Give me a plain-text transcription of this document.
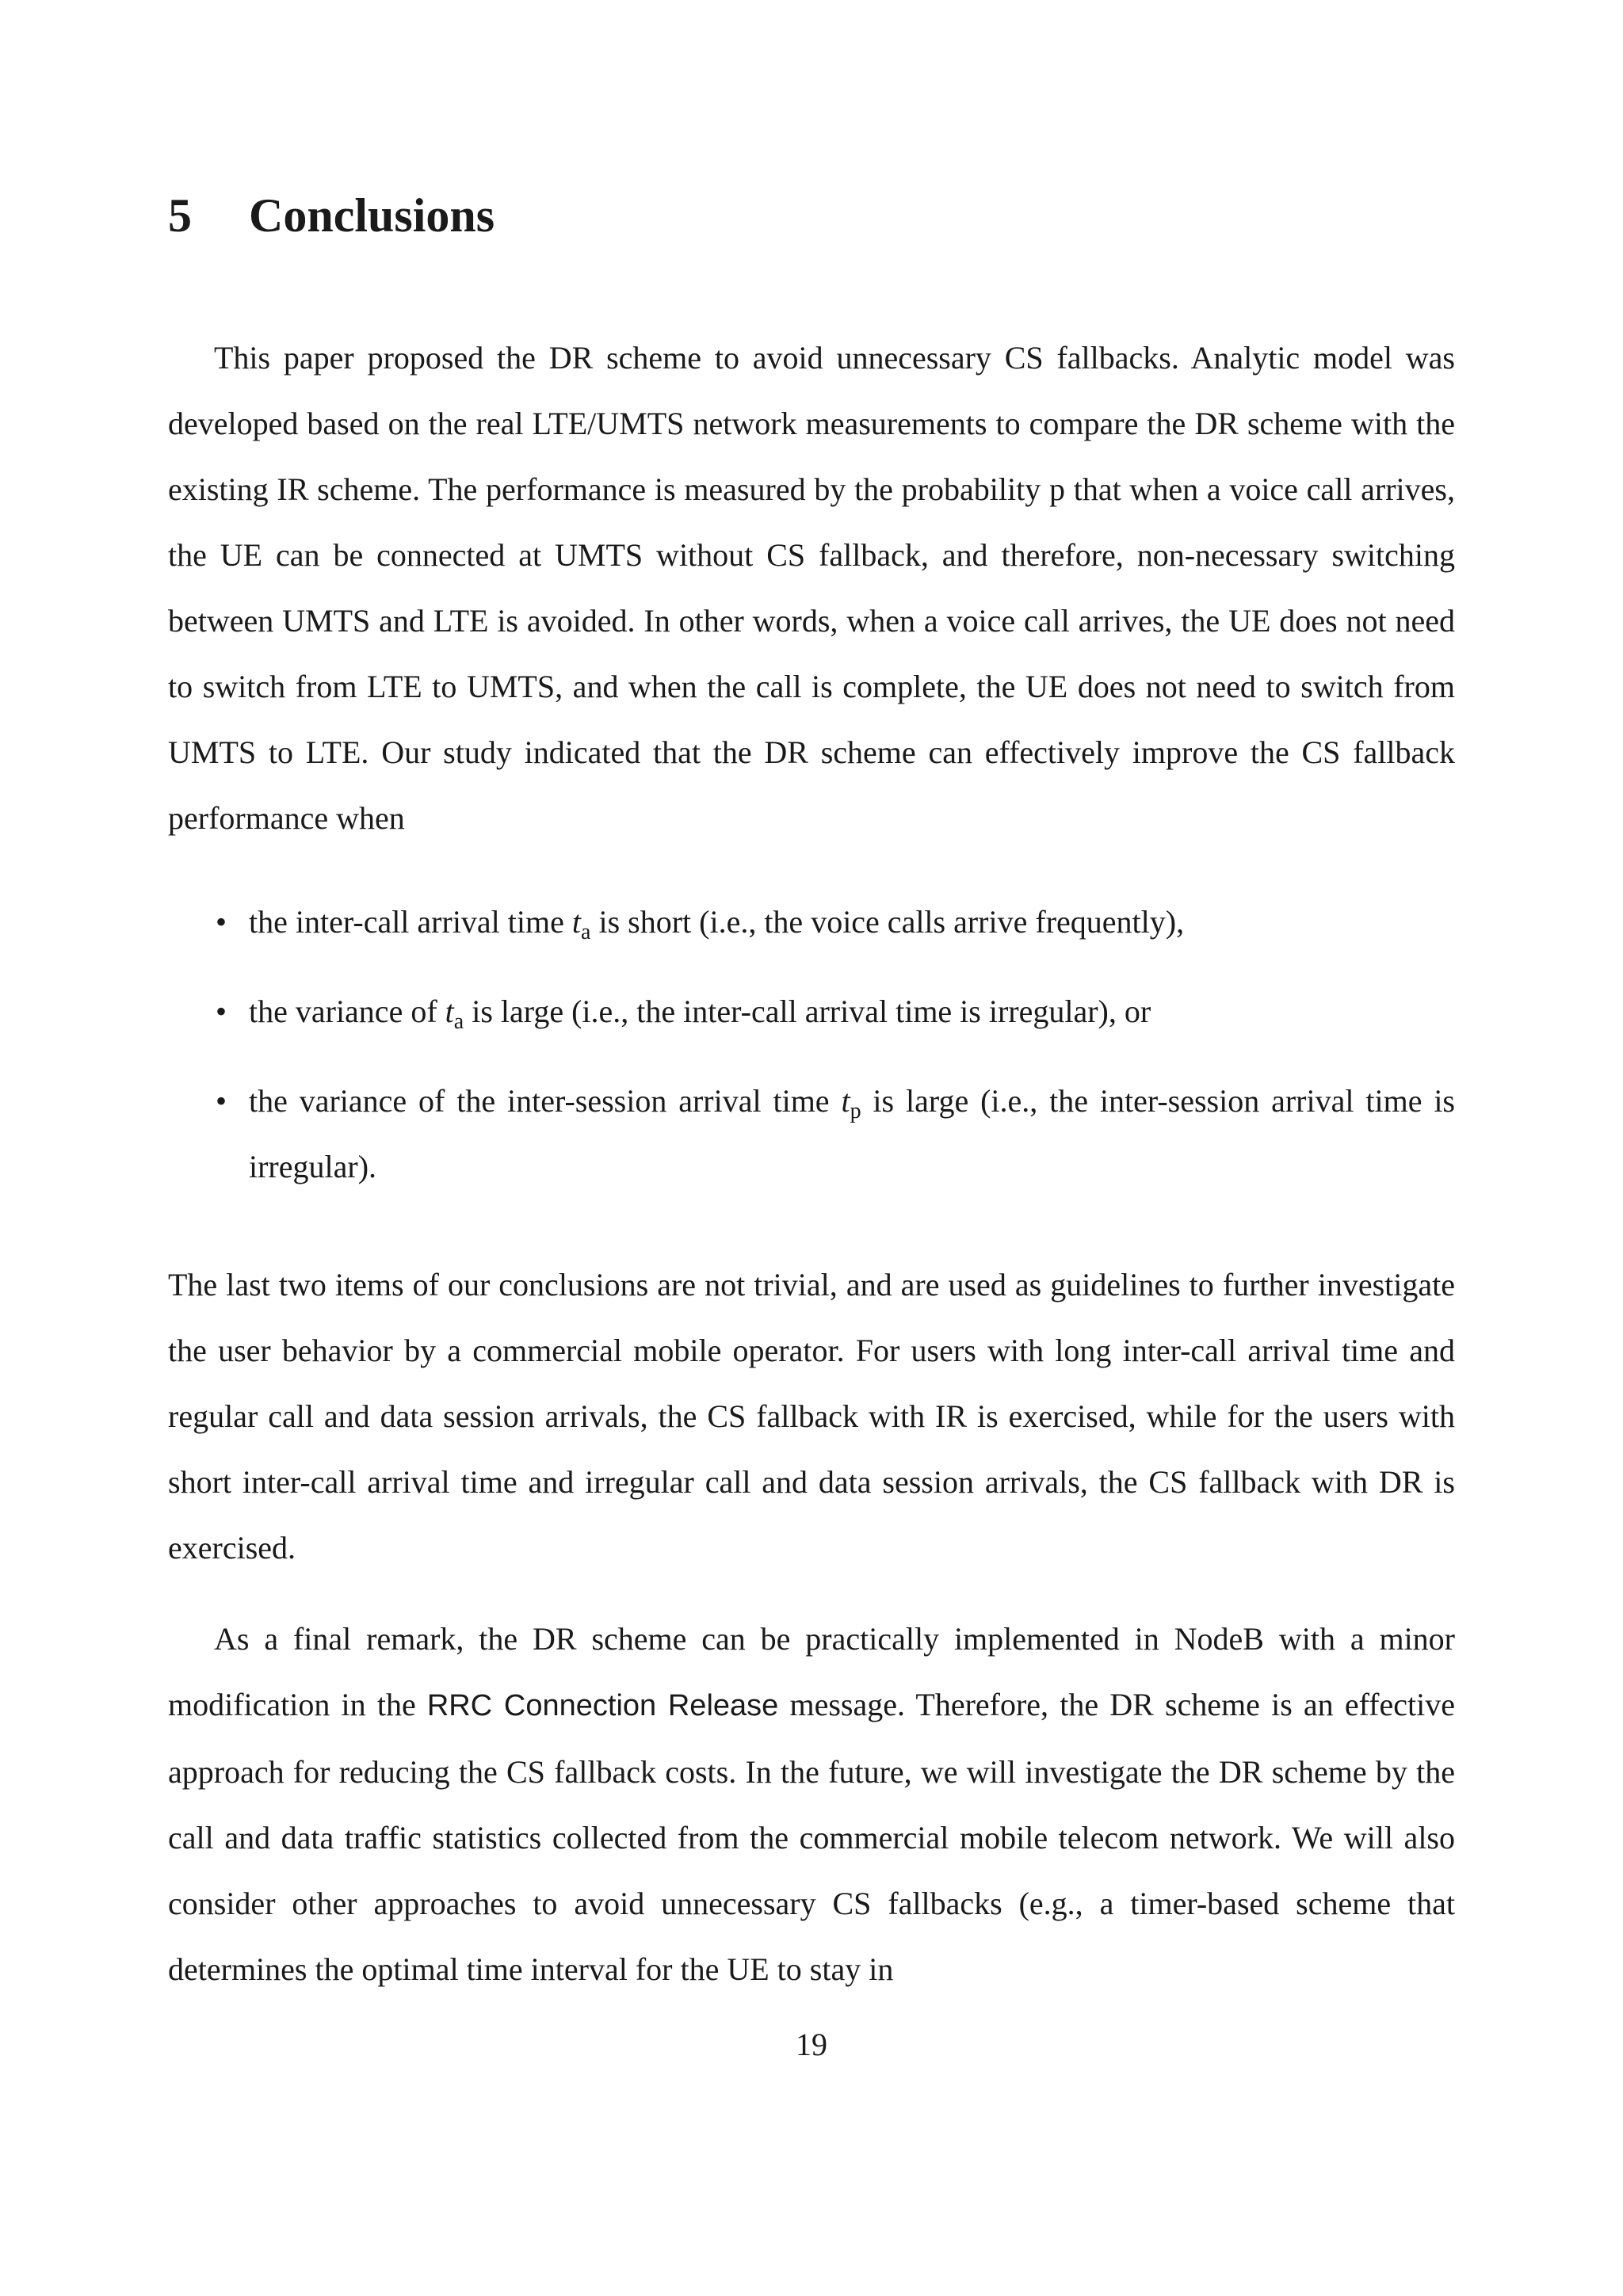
5 Conclusions

This paper proposed the DR scheme to avoid unnecessary CS fallbacks. Analytic model was developed based on the real LTE/UMTS network measurements to compare the DR scheme with the existing IR scheme. The performance is measured by the probability p that when a voice call arrives, the UE can be connected at UMTS without CS fallback, and therefore, non-necessary switching between UMTS and LTE is avoided. In other words, when a voice call arrives, the UE does not need to switch from LTE to UMTS, and when the call is complete, the UE does not need to switch from UMTS to LTE. Our study indicated that the DR scheme can effectively improve the CS fallback performance when

• the inter-call arrival time $t_a$ is short (i.e., the voice calls arrive frequently),
• the variance of $t_a$ is large (i.e., the inter-call arrival time is irregular), or
• the variance of the inter-session arrival time $t_p$ is large (i.e., the inter-session arrival time is irregular).

The last two items of our conclusions are not trivial, and are used as guidelines to further investigate the user behavior by a commercial mobile operator. For users with long inter-call arrival time and regular call and data session arrivals, the CS fallback with IR is exercised, while for the users with short inter-call arrival time and irregular call and data session arrivals, the CS fallback with DR is exercised.

As a final remark, the DR scheme can be practically implemented in NodeB with a minor modification in the RRC Connection Release message. Therefore, the DR scheme is an effective approach for reducing the CS fallback costs. In the future, we will investigate the DR scheme by the call and data traffic statistics collected from the commercial mobile telecom network. We will also consider other approaches to avoid unnecessary CS fallbacks (e.g., a timer-based scheme that determines the optimal time interval for the UE to stay in

19
